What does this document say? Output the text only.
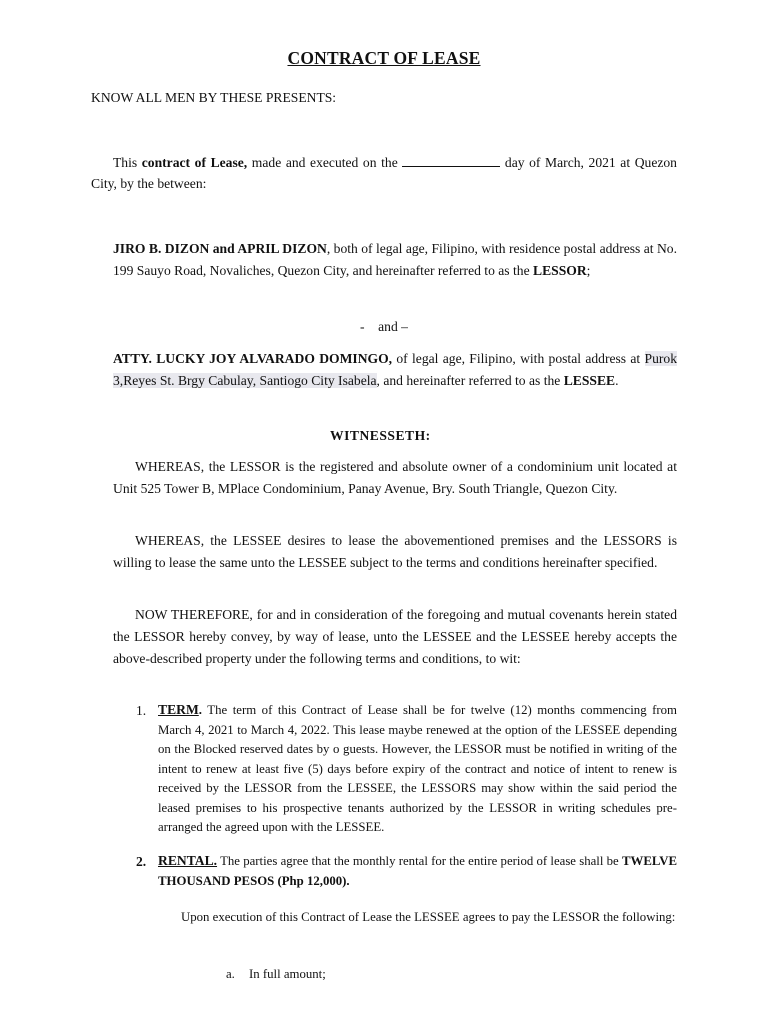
CONTRACT OF LEASE
KNOW ALL MEN BY THESE PRESENTS:

This contract of Lease, made and executed on the	day of March, 2021 at Quezon City, by the between:

JIRO B. DIZON and APRIL DIZON, both of legal age, Filipino, with residence postal address at No. 199 Sauyo Road, Novaliches, Quezon City, and hereinafter referred to as the LESSOR;

-    and –

ATTY. LUCKY JOY ALVARADO DOMINGO, of legal age, Filipino, with postal address at Purok 3,Reyes St. Brgy Cabulay, Santiogo City Isabela, and hereinafter referred to as the LESSEE.

WITNESSETH:

WHEREAS, the LESSOR is the registered and absolute owner of a condominium unit located at Unit 525 Tower B, MPlace Condominium, Panay Avenue, Bry. South Triangle, Quezon City.

WHEREAS, the LESSEE desires to lease the abovementioned premises and the LESSORS is willing to lease the same unto the LESSEE subject to the terms and conditions hereinafter specified.

NOW THEREFORE, for and in consideration of the foregoing and mutual covenants herein stated the LESSOR hereby convey, by way of lease, unto the LESSEE and the LESSEE hereby accepts the above-described property under the following terms and conditions, to wit:

1. TERM. The term of this Contract of Lease shall be for twelve (12) months commencing from March 4, 2021 to March 4, 2022. This lease maybe renewed at the option of the LESSEE depending on the Blocked reserved dates by o guests. However, the LESSOR must be notified in writing of the intent to renew at least five (5) days before expiry of the contract and notice of intent to renew is received by the LESSOR from the LESSEE, the LESSORS may show within the said period the leased premises to his prospective tenants authorized by the LESSOR in writing schedules pre-arranged the agreed upon with the LESSEE.

2. RENTAL. The parties agree that the monthly rental for the entire period of lease shall be TWELVE THOUSAND PESOS (Php 12,000).

Upon execution of this Contract of Lease the LESSEE agrees to pay the LESSOR the following:

a. In full amount;
